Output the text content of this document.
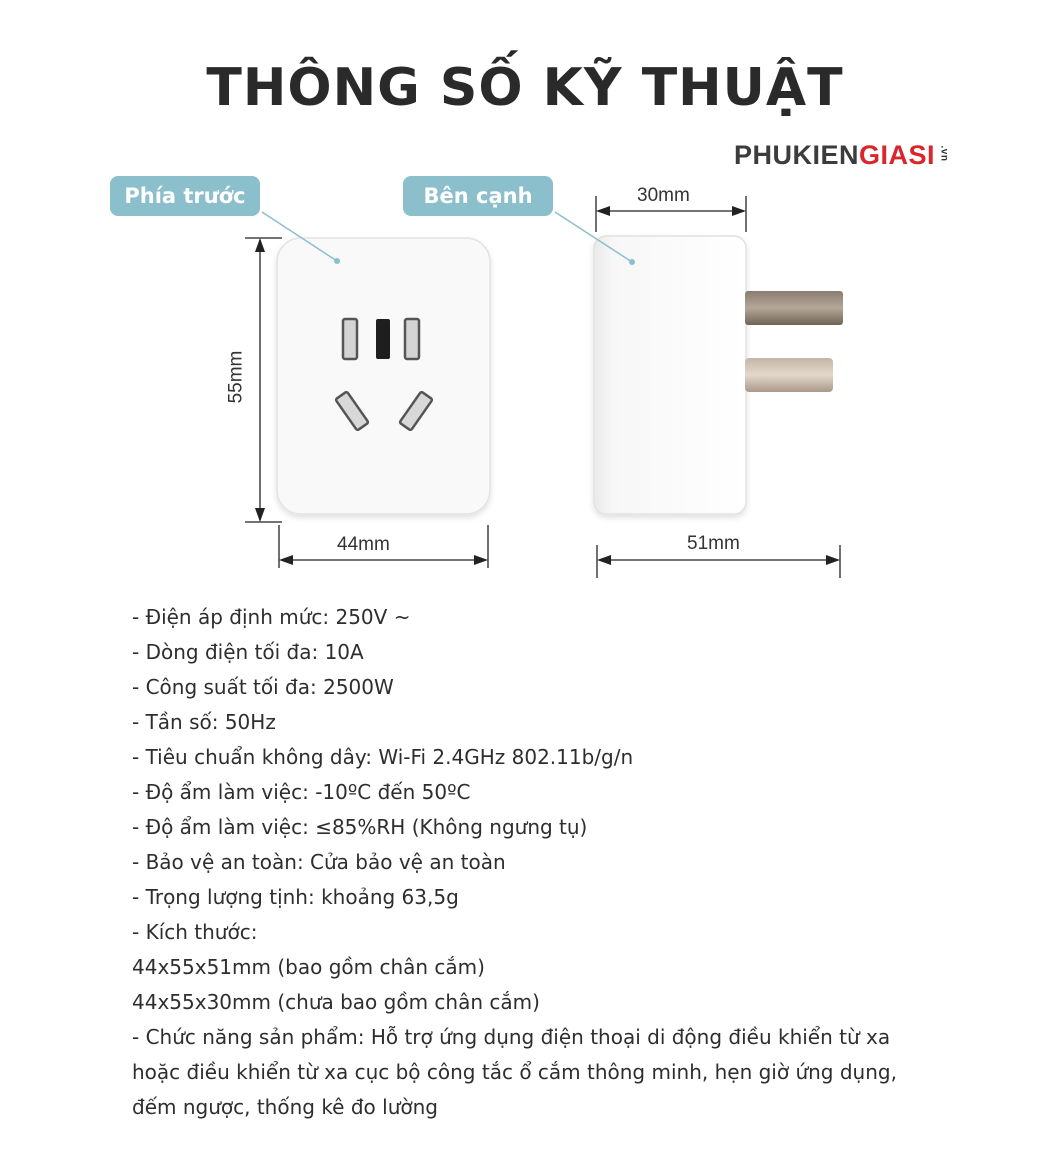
THÔNG SỐ KỸ THUẬT
PHUKIENGIASI .vn
Phía trước	Bên cạnh
55mm
44mm
30mm
51mm
- Điện áp định mức: 250V ~
- Dòng điện tối đa: 10A
- Công suất tối đa: 2500W
- Tần số: 50Hz
- Tiêu chuẩn không dây: Wi-Fi 2.4GHz 802.11b/g/n
- Độ ẩm làm việc: -10ºC đến 50ºC
- Độ ẩm làm việc: ≤85%RH (Không ngưng tụ)
- Bảo vệ an toàn: Cửa bảo vệ an toàn
- Trọng lượng tịnh: khoảng 63,5g
- Kích thước:
44x55x51mm (bao gồm chân cắm)
44x55x30mm (chưa bao gồm chân cắm)
- Chức năng sản phẩm: Hỗ trợ ứng dụng điện thoại di động điều khiển từ xa
hoặc điều khiển từ xa cục bộ công tắc ổ cắm thông minh, hẹn giờ ứng dụng,
đếm ngược, thống kê đo lường
